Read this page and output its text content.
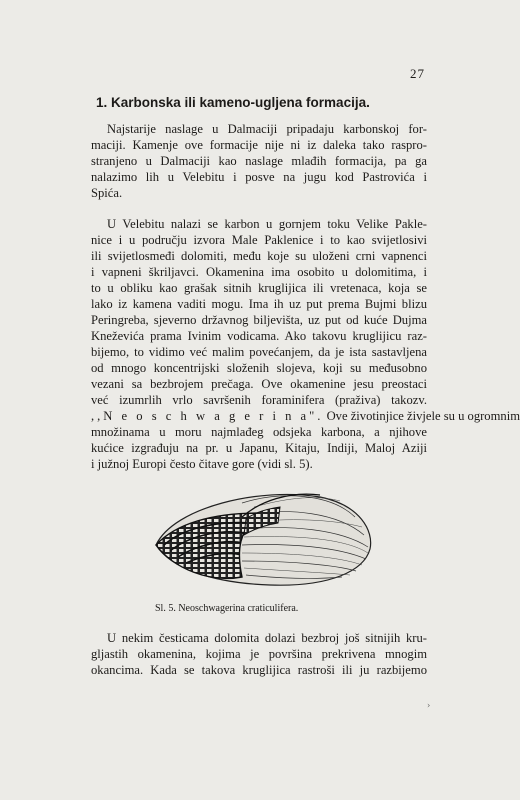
27
1. Karbonska ili kameno-ugljena formacija.
Najstarije naslage u Dalmaciji pripadaju karbonskoj for-
maciji. Kamenje ove formacije nije ni iz daleka tako raspro-
stranjeno u Dalmaciji kao naslage mlađih formacija, pa ga
nalazimo lih u Velebitu i posve na jugu kod Pastrovića i
Spića.
U Velebitu nalazi se karbon u gornjem toku Velike Pakle-
nice i u području izvora Male Paklenice i to kao svijetlosivi
ili svijetlosmeđi dolomiti, među koje su uloženi crni vapnenci
i vapneni škriljavci. Okamenina ima osobito u dolomitima, i
to u obliku kao grašak sitnih kruglijica ili vretenaca, koja se
lako iz kamena vaditi mogu. Ima ih uz put prema Bujmi blizu
Peringreba, sjeverno državnog biljevišta, uz put od kuće Dujma
Kneževića prama Ivinim vodicama. Ako takovu kruglijicu raz-
bijemo, to vidimo već malim povećanjem, da je ista sastavljena
od mnogo koncentrijski složenih slojeva, koji su međusobno
vezani sa bezbrojem prečaga. Ove okamenine jesu preostaci
već izumrlih vrlo savršenih foraminifera (praživa) takozv.
,,N e o s c h w a g e r i n a". Ove životinjice živjele su u ogromnim
množinama u moru najmlađeg odsjeka karbona, a njihove
kućice izgrađuju na pr. u Japanu, Kitaju, Indiji, Maloj Aziji
i južnoj Europi često čitave gore (vidi sl. 5).
Sl. 5. Neoschwagerina craticulifera.
U nekim česticama dolomita dolazi bezbroj još sitnijih kru-
gljastih okamenina, kojima je površina prekrivena mnogim
okancima. Kada se takova kruglijica rastroši ili ju razbijemo
›
